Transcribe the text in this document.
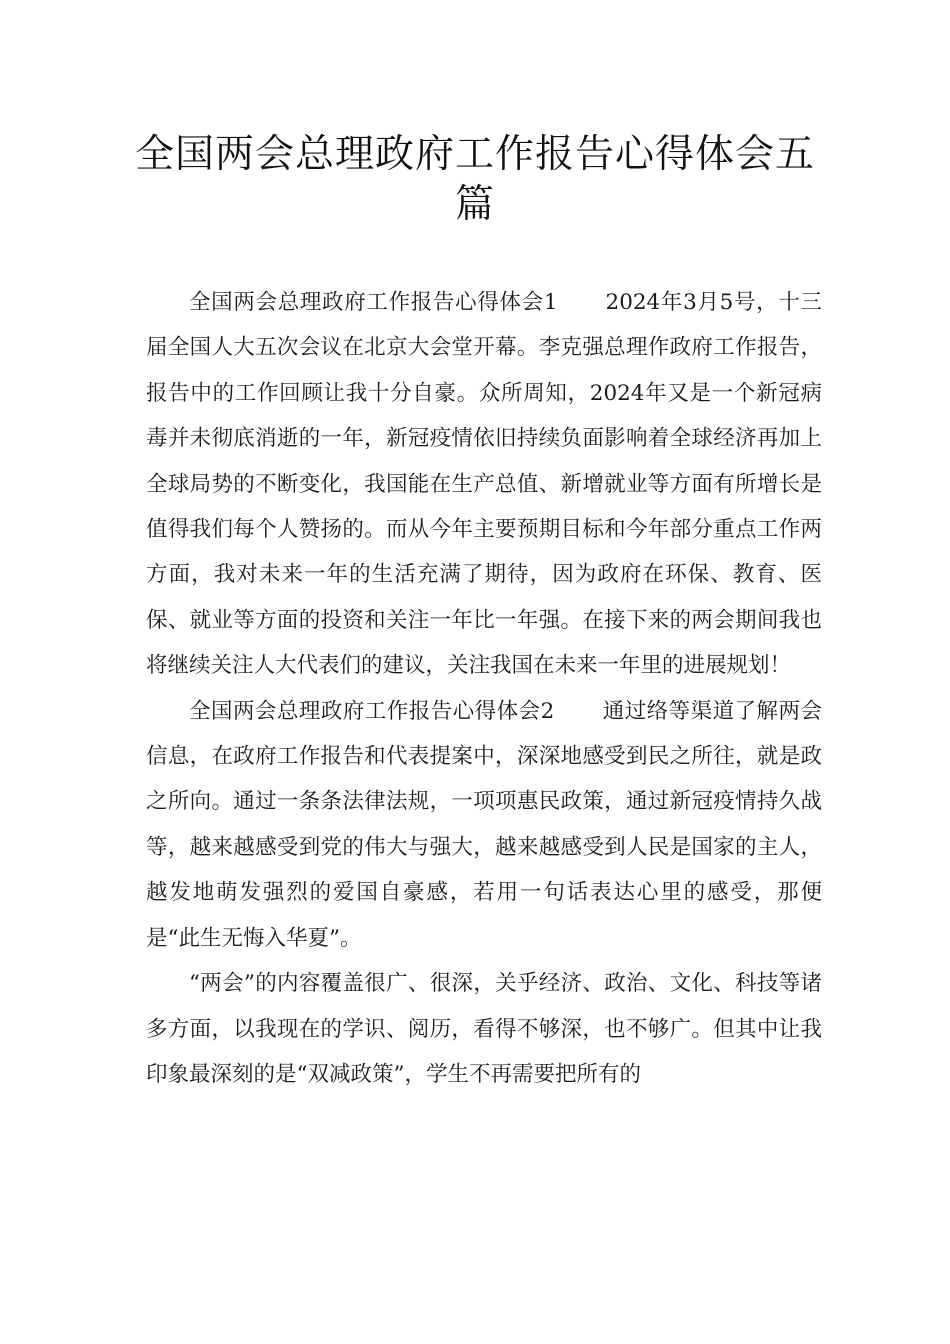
全国两会总理政府工作报告心得体会五篇

全国两会总理政府工作报告心得体会1 2024年3月5号，十三届全国人大五次会议在北京大会堂开幕。李克强总理作政府工作报告，报告中的工作回顾让我十分自豪。众所周知，2024年又是一个新冠病毒并未彻底消逝的一年，新冠疫情依旧持续负面影响着全球经济再加上全球局势的不断变化，我国能在生产总值、新增就业等方面有所增长是值得我们每个人赞扬的。而从今年主要预期目标和今年部分重点工作两方面，我对未来一年的生活充满了期待，因为政府在环保、教育、医保、就业等方面的投资和关注一年比一年强。在接下来的两会期间我也将继续关注人大代表们的建议，关注我国在未来一年里的进展规划！

全国两会总理政府工作报告心得体会2 通过络等渠道了解两会信息，在政府工作报告和代表提案中，深深地感受到民之所往，就是政之所向。通过一条条法律法规，一项项惠民政策，通过新冠疫情持久战等，越来越感受到党的伟大与强大，越来越感受到人民是国家的主人，越发地萌发强烈的爱国自豪感，若用一句话表达心里的感受，那便是“此生无悔入华夏”。

“两会”的内容覆盖很广、很深，关乎经济、政治、文化、科技等诸多方面，以我现在的学识、阅历，看得不够深，也不够广。但其中让我印象最深刻的是“双减政策”，学生不再需要把所有的
